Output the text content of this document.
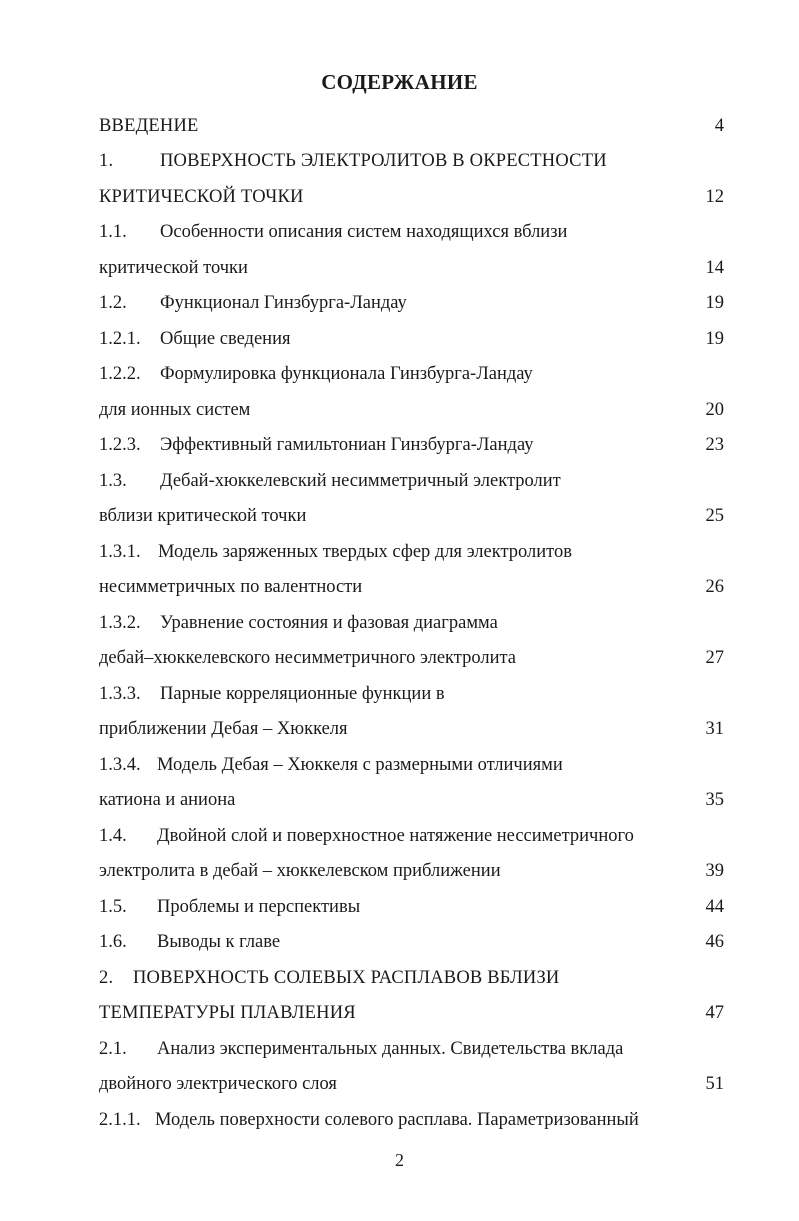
СОДЕРЖАНИЕ
ВВЕДЕНИЕ	4
1.	ПОВЕРХНОСТЬ ЭЛЕКТРОЛИТОВ В ОКРЕСТНОСТИ
КРИТИЧЕСКОЙ ТОЧКИ	12
1.1. Особенности описания систем находящихся вблизи
критической точки	14
1.2. Функционал Гинзбурга-Ландау	19
1.2.1. Общие сведения	19
1.2.2. Формулировка функционала Гинзбурга-Ландау
для ионных систем	20
1.2.3. Эффективный гамильтониан Гинзбурга-Ландау	23
1.3. Дебай-хюккелевский несимметричный электролит
вблизи критической точки	25
1.3.1. Модель заряженных твердых сфер для электролитов
несимметричных по валентности	26
1.3.2. Уравнение состояния и фазовая диаграмма
дебай–хюккелевского несимметричного электролита	27
1.3.3. Парные корреляционные функции в
приближении Дебая – Хюккеля	31
1.3.4. Модель Дебая – Хюккеля с размерными отличиями
катиона и аниона	35
1.4. Двойной слой и поверхностное натяжение нессиметричного
электролита в дебай – хюккелевском приближении	39
1.5. Проблемы и перспективы	44
1.6. Выводы к главе	46
2. ПОВЕРХНОСТЬ СОЛЕВЫХ РАСПЛАВОВ ВБЛИЗИ
ТЕМПЕРАТУРЫ ПЛАВЛЕНИЯ	47
2.1. Анализ экспериментальных данных. Свидетельства вклада
двойного электрического слоя	51
2.1.1. Модель поверхности солевого расплава. Параметризованный
2
